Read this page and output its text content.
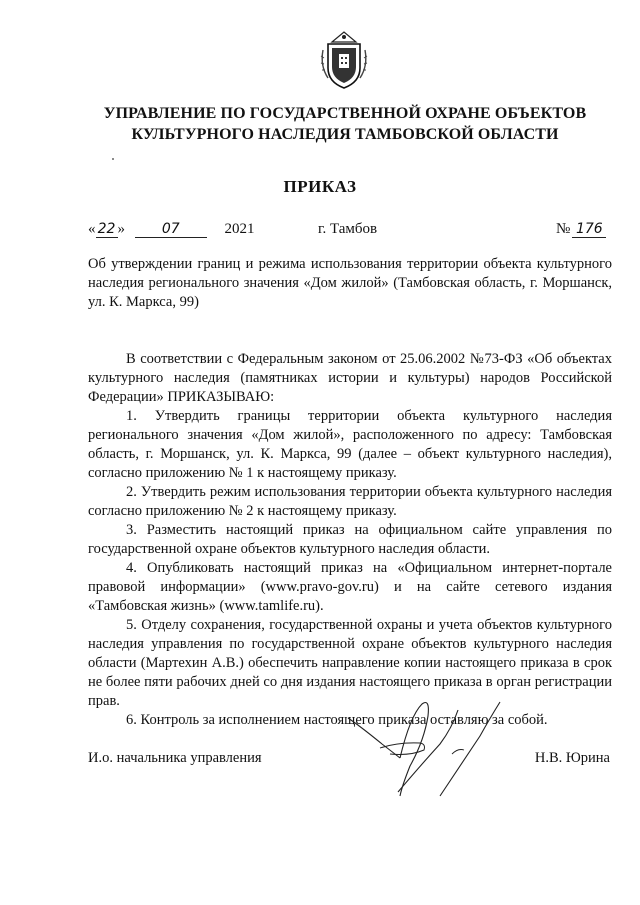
УПРАВЛЕНИЕ ПО ГОСУДАРСТВЕННОЙ ОХРАНЕ ОБЪЕКТОВ
КУЛЬТУРНОГО НАСЛЕДИЯ ТАМБОВСКОЙ ОБЛАСТИ
ПРИКАЗ
« 22 »	07	2021	г. Тамбов	№ 176
Об утверждении границ и режима использования территории объекта культурного наследия регионального значения «Дом жилой» (Тамбовская область, г. Моршанск, ул. К. Маркса, 99)

В соответствии с Федеральным законом от 25.06.2002 №73-ФЗ «Об объектах культурного наследия (памятниках истории и культуры) народов Российской Федерации» ПРИКАЗЫВАЮ:

1. Утвердить границы территории объекта культурного наследия регионального значения «Дом жилой», расположенного по адресу: Тамбовская область, г. Моршанск, ул. К. Маркса, 99 (далее – объект культурного наследия), согласно приложению № 1 к настоящему приказу.

2. Утвердить режим использования территории объекта культурного наследия согласно приложению № 2 к настоящему приказу.

3. Разместить настоящий приказ на официальном сайте управления по государственной охране объектов культурного наследия области.

4. Опубликовать настоящий приказ на «Официальном интернет-портале правовой информации» (www.pravo-gov.ru) и на сайте сетевого издания «Тамбовская жизнь» (www.tamlife.ru).

5. Отделу сохранения, государственной охраны и учета объектов культурного наследия управления по государственной охране объектов культурного наследия области (Мартехин А.В.) обеспечить направление копии настоящего приказа в срок не более пяти рабочих дней со дня издания настоящего приказа в орган регистрации прав.

6. Контроль за исполнением настоящего приказа оставляю за собой.

И.о. начальника управления	Н.В. Юрина
